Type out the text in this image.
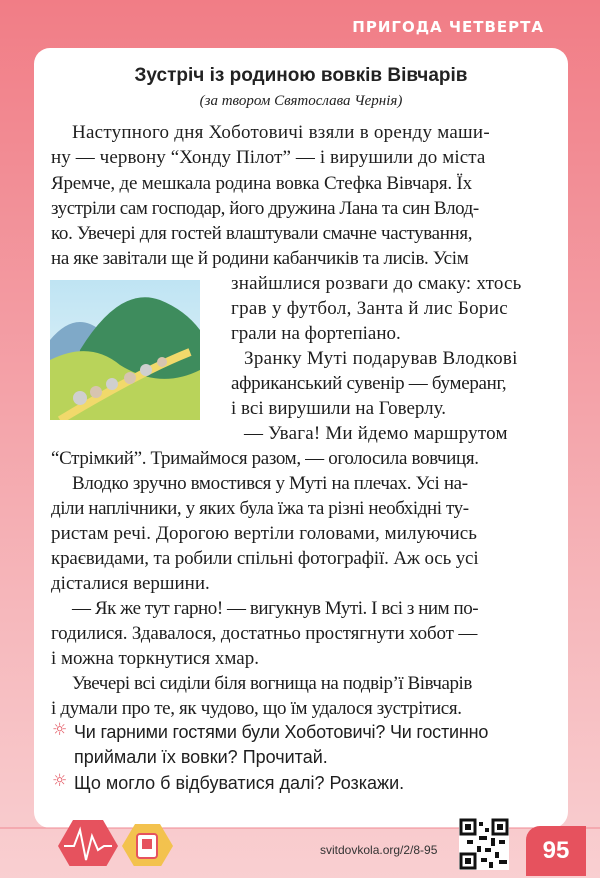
ПРИГОДА ЧЕТВЕРТА
Зустріч із родиною вовків Вівчарів
(за твором Святослава Чернія)
Наступного дня Хоботовичі взяли в оренду маши-
ну — червону “Хонду Пілот” — і вирушили до міста
Яремче, де мешкала родина вовка Стефка Вівчаря. Їх
зустріли сам господар, його дружина Лана та син Влод-
ко. Увечері для гостей влаштували смачне частування,
на яке завітали ще й родини кабанчиків та лисів. Усім
знайшлися розваги до смаку: хтось
грав у футбол, Занта й лис Борис
грали на фортепіано.
Зранку Муті подарував Влодкові
африканський сувенір — бумеранг,
і всі вирушили на Говерлу.
— Увага! Ми йдемо маршрутом
“Стрімкий”. Тримаймося разом, — оголосила вовчиця.
Влодко зручно вмостився у Муті на плечах. Усі на-
діли наплічники, у яких була їжа та різні необхідні ту-
ристам речі. Дорогою вертіли головами, милуючись
краєвидами, та робили спільні фотографії. Аж ось усі
дісталися вершини.
— Як же тут гарно! — вигукнув Муті. І всі з ним по-
годилися. Здавалося, достатньо простягнути хобот —
і можна торкнутися хмар.
Увечері всі сиділи біля вогнища на подвір’ї Вівчарів
і думали про те, як чудово, що їм удалося зустрітися.
☼ Чи гарними гостями були Хоботовичі? Чи гостинно
приймали їх вовки? Прочитай.
☼ Що могло б відбуватися далі? Розкажи.
svitdovkola.org/2/8-95	95
